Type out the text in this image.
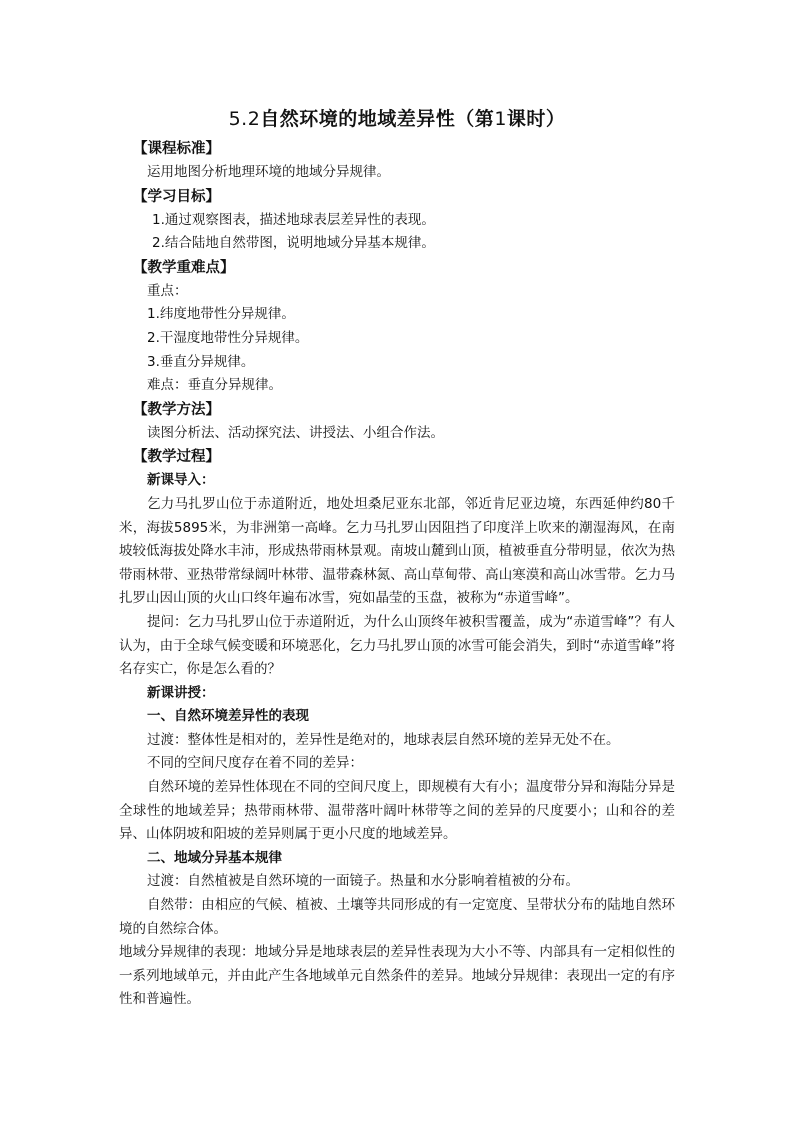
5.2自然环境的地域差异性（第1课时）

【课程标准】

运用地图分析地理环境的地域分异规律。

【学习目标】

1.通过观察图表，描述地球表层差异性的表现。

2.结合陆地自然带图，说明地域分异基本规律。

【教学重难点】

重点：

1.纬度地带性分异规律。

2.干湿度地带性分异规律。

3.垂直分异规律。

难点：垂直分异规律。

【教学方法】

读图分析法、活动探究法、讲授法、小组合作法。

【教学过程】

新课导入：

乞力马扎罗山位于赤道附近，地处坦桑尼亚东北部，邻近肯尼亚边境，东西延伸约80千米，海拔5895米，为非洲第一高峰。乞力马扎罗山因阻挡了印度洋上吹来的潮湿海风，在南坡较低海拔处降水丰沛，形成热带雨林景观。南坡山麓到山顶，植被垂直分带明显，依次为热带雨林带、亚热带常绿阔叶林带、温带森林氮、高山草甸带、高山寒漠和高山冰雪带。乞力马扎罗山因山顶的火山口终年遍布冰雪，宛如晶莹的玉盘，被称为“赤道雪峰”。

提问：乞力马扎罗山位于赤道附近，为什么山顶终年被积雪覆盖，成为“赤道雪峰”？有人认为，由于全球气候变暖和环境恶化，乞力马扎罗山顶的冰雪可能会消失，到时“赤道雪峰”将名存实亡，你是怎么看的？

新课讲授：

一、自然环境差异性的表现

过渡：整体性是相对的，差异性是绝对的，地球表层自然环境的差异无处不在。

不同的空间尺度存在着不同的差异：

自然环境的差异性体现在不同的空间尺度上，即规模有大有小；温度带分异和海陆分异是全球性的地域差异；热带雨林带、温带落叶阔叶林带等之间的差异的尺度要小；山和谷的差异、山体阴坡和阳坡的差异则属于更小尺度的地域差异。

二、地域分异基本规律

过渡：自然植被是自然环境的一面镜子。热量和水分影响着植被的分布。

自然带：由相应的气候、植被、土壤等共同形成的有一定宽度、呈带状分布的陆地自然环境的自然综合体。

地域分异规律的表现：地域分异是地球表层的差异性表现为大小不等、内部具有一定相似性的一系列地域单元，并由此产生各地域单元自然条件的差异。地域分异规律：表现出一定的有序性和普遍性。
